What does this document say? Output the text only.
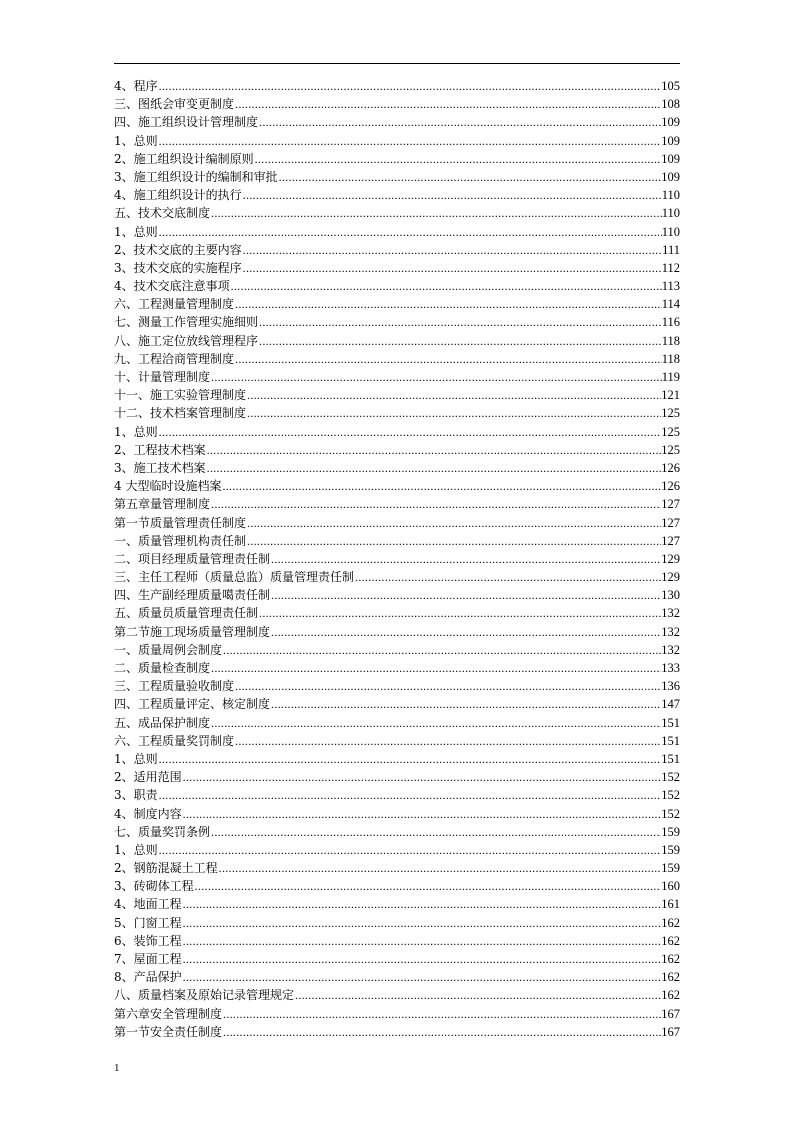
4、程序 .....	105
三、图纸会审变更制度 .....	108
四、施工组织设计管理制度 .....	109
1、总则 .....	109
2、施工组织设计编制原则 .....	109
3、施工组织设计的编制和审批 .....	109
4、施工组织设计的执行 .....	110
五、技术交底制度 .....	110
1、总则 .....	110
2、技术交底的主要内容 .....	111
3、技术交底的实施程序 .....	112
4、技术交底注意事项 .....	113
六、工程测量管理制度 .....	114
七、测量工作管理实施细则 .....	116
八、施工定位放线管理程序 .....	118
九、工程洽商管理制度 .....	118
十、计量管理制度 .....	119
十一、施工实验管理制度 .....	121
十二、技术档案管理制度 .....	125
1、总则 .....	125
2、工程技术档案 .....	125
3、施工技术档案 .....	126
4 大型临时设施档案 .....	126
第五章量管理制度 .....	127
第一节质量管理责任制度 .....	127
一、质量管理机构责任制 .....	127
二、项目经理质量管理责任制 .....	129
三、主任工程师（质量总监）质量管理责任制 .....	129
四、生产副经理质量噶责任制 .....	130
五、质量员质量管理责任制 .....	132
第二节施工现场质量管理制度 .....	132
一、质量周例会制度 .....	132
二、质量检查制度 .....	133
三、工程质量验收制度 .....	136
四、工程质量评定、核定制度 .....	147
五、成品保护制度 .....	151
六、工程质量奖罚制度 .....	151
1、总则 .....	151
2、适用范围 .....	152
3、职责 .....	152
4、制度内容 .....	152
七、质量奖罚条例 .....	159
1、总则 .....	159
2、钢筋混凝土工程 .....	159
3、砖砌体工程 .....	160
4、地面工程 .....	161
5、门窗工程 .....	162
6、装饰工程 .....	162
7、屋面工程 .....	162
8、产品保护 .....	162
八、质量档案及原始记录管理规定 .....	162
第六章安全管理制度 .....	167
第一节安全责任制度 .....	167
1
